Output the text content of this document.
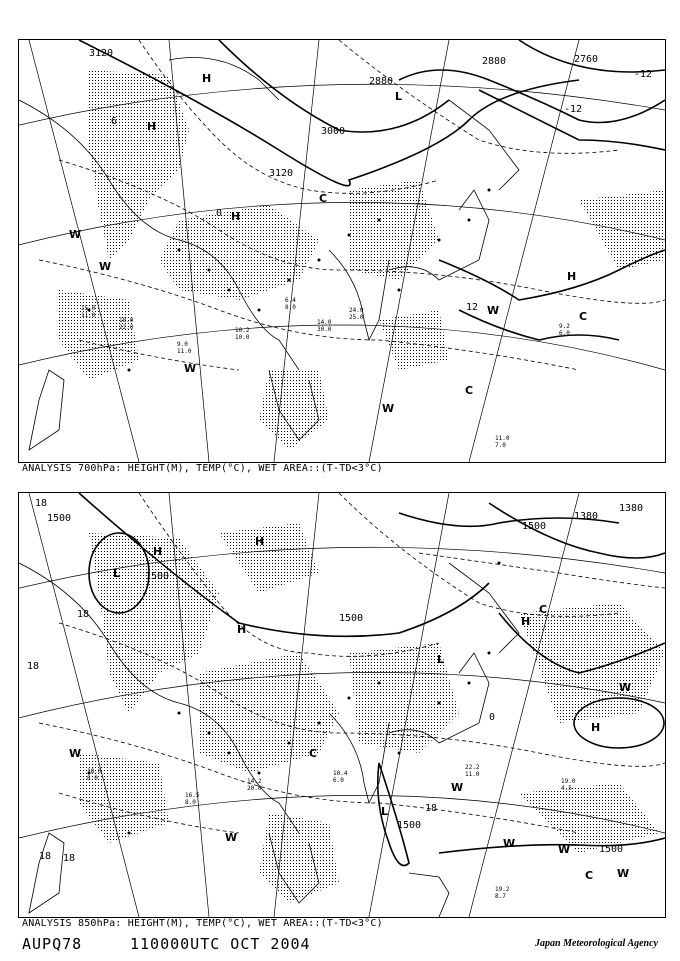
3120
2880
2880	2760
3000
3120
0
-12
-12
12
6
H
H
H
L
W
W
W
C
C
H
C
W
W
15.0
11.0
18.0
22.0
9.0
11.0
10.2
10.0
6.4
8.0	24.0
25.0
14.0
30.0	9.2
6.0
11.0
7.0
ANALYSIS 700hPa: HEIGHT(M), TEMP(°C), WET AREA::(T-TD<3°C)
1500
1500
1500
1500
1500
1380
1380
1500
18
18
18
18 18
18
0
H
L
H
H
L
C
C
L
W
W
W
W
H
H
W	W
C
W
18.0
8.0
16.5
8.0
14.2
20.0
10.4
6.0
22.2
11.0
19.0
4.5
19.2
8.7
ANALYSIS 850hPa: HEIGHT(M), TEMP(°C), WET AREA::(T-TD<3°C)
AUPQ78	110000UTC OCT 2004	Japan Meteorological Agency
